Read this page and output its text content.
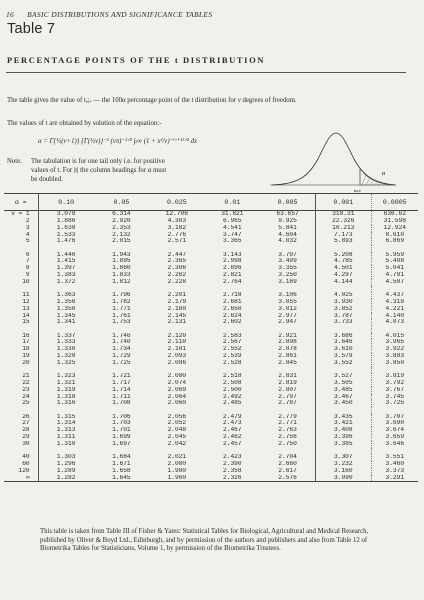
16 BASIC DISTRIBUTIONS AND SIGNIFICANCE TABLES
Table 7
PERCENTAGE POINTS OF THE t DISTRIBUTION
The table gives the value of tₐ;ᵥ — the 100α percentage point of the t distribution for ν degrees of freedom.
The values of t are obtained by solution of the equation:-
α = Γ{½(ν+1)} {Γ(½ν)}⁻¹ (νπ)⁻¹ᐟ² ∫ₜ∞ (1 + x²/ν)⁻⁽ᵛ⁺¹⁾ᐟ² dx
Note. The tabulation is for one tail only i.e. for positive
values of t. For |t| the column headings for α must
be doubled.
α
tα;ν
α =	0.10	0.05	0.025	0.01	0.005	0.001	0.0005
ν = 1	3.078	6.314	12.706	31.821	63.657	318.31	636.62
2	1.886	2.920	4.303	6.965	9.925	22.326	31.598
3	1.638	2.353	3.182	4.541	5.841	10.213	12.924
4	1.533	2.132	2.776	3.747	4.604	7.173	8.610
5	1.476	2.015	2.571	3.365	4.032	5.893	6.869

6	1.440	1.943	2.447	3.143	3.707	5.208	5.959
7	1.415	1.895	2.365	2.998	3.499	4.785	5.408
8	1.397	1.860	2.306	2.896	3.355	4.501	5.041
9	1.383	1.833	2.262	2.821	3.250	4.297	4.781
10	1.372	1.812	2.228	2.764	3.169	4.144	4.587

11	1.363	1.796	2.201	2.718	3.106	4.025	4.437
12	1.356	1.782	2.179	2.681	3.055	3.930	4.318
13	1.350	1.771	2.160	2.650	3.012	3.852	4.221
14	1.345	1.761	2.145	2.624	2.977	3.787	4.140
15	1.341	1.753	2.131	2.602	2.947	3.733	4.073

16	1.337	1.746	2.120	2.583	2.921	3.686	4.015
17	1.333	1.740	2.110	2.567	2.898	3.646	3.965
18	1.330	1.734	2.101	2.552	2.878	3.610	3.922
19	1.328	1.729	2.093	2.539	2.861	3.579	3.883
20	1.325	1.725	2.086	2.528	2.845	3.552	3.850

21	1.323	1.721	2.080	2.518	2.831	3.527	3.819
22	1.321	1.717	2.074	2.508	2.819	3.505	3.792
23	1.319	1.714	2.069	2.500	2.807	3.485	3.767
24	1.318	1.711	2.064	2.492	2.797	3.467	3.745
25	1.316	1.708	2.060	2.485	2.787	3.450	3.725

26	1.315	1.706	2.056	2.479	2.779	3.435	3.707
27	1.314	1.703	2.052	2.473	2.771	3.421	3.690
28	1.313	1.701	2.048	2.467	2.763	3.408	3.674
29	1.311	1.699	2.045	2.462	2.756	3.396	3.659
30	1.310	1.697	2.042	2.457	2.750	3.385	3.646

40	1.303	1.684	2.021	2.423	2.704	3.307	3.551
60	1.296	1.671	2.000	2.390	2.660	3.232	3.460
120	1.289	1.658	1.980	2.358	2.617	3.160	3.373
∞	1.282	1.645	1.960	2.326	2.576	3.090	3.291
This table is taken from Table III of Fisher & Yates: Statistical Tables for Biological, Agricultural and Medical Research, published by Oliver & Boyd Ltd., Edinburgh, and by permission of the authors and publishers and also from Table 12 of Biometrika Tables for Statisticians, Volume 1, by permission of the Biometrika Trustees.
